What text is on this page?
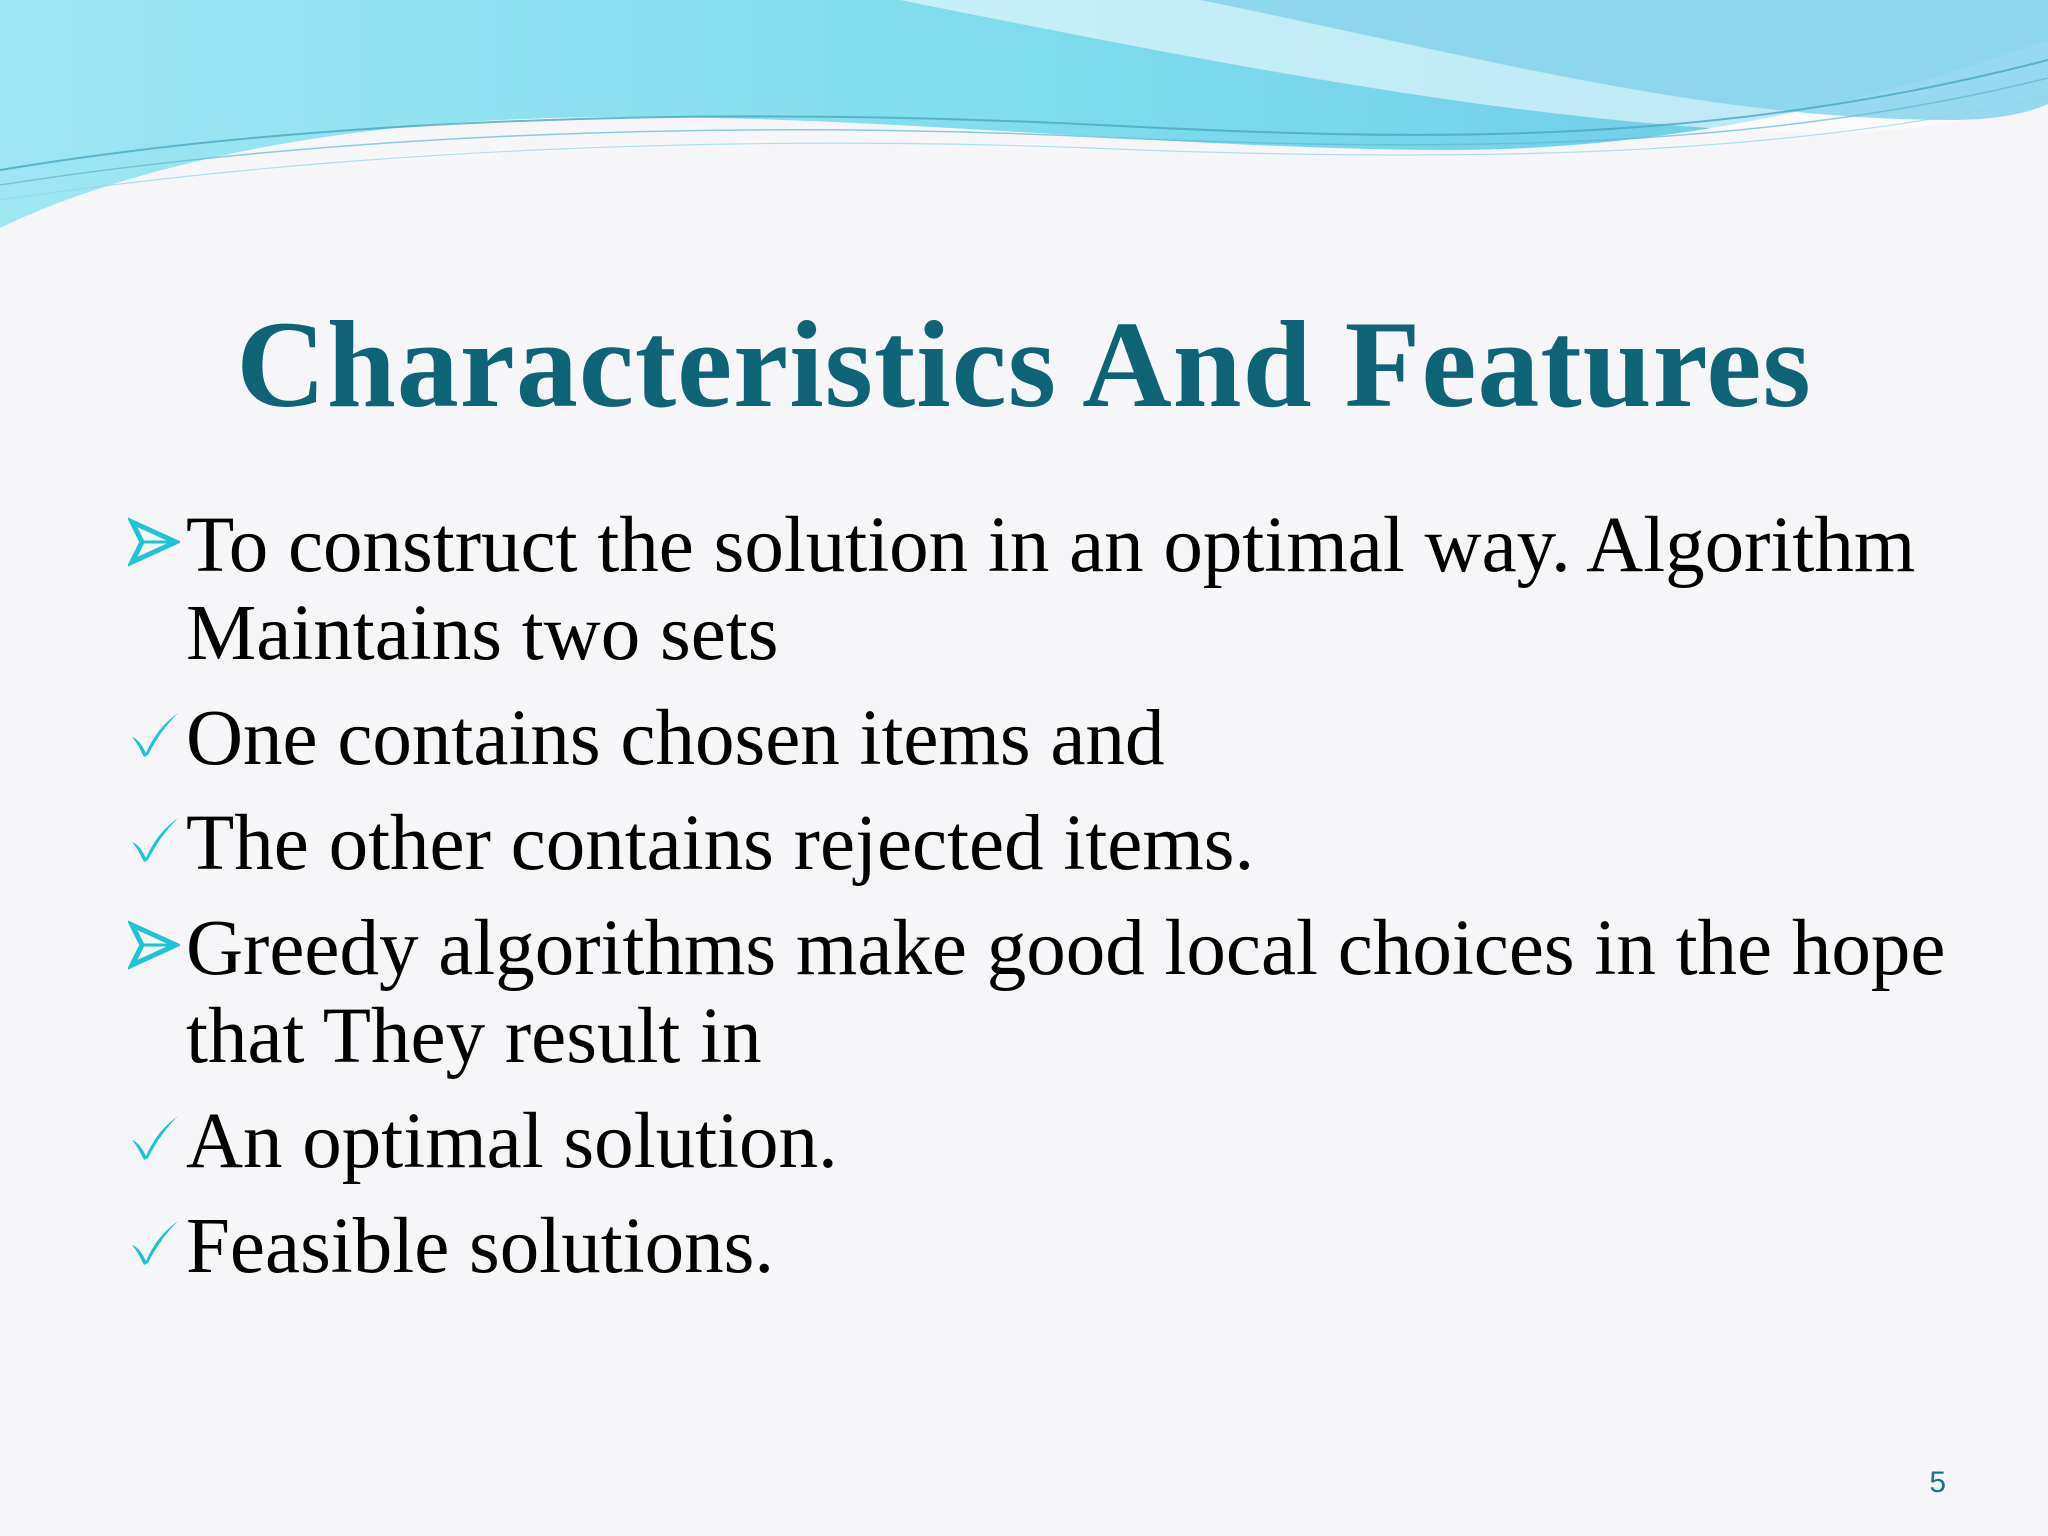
Characteristics And Features
To construct the solution in an optimal way. Algorithm Maintains two sets
One contains chosen items and
The other contains rejected items.
Greedy algorithms make good local choices in the hope that They result in
An optimal solution.
Feasible solutions.
5
